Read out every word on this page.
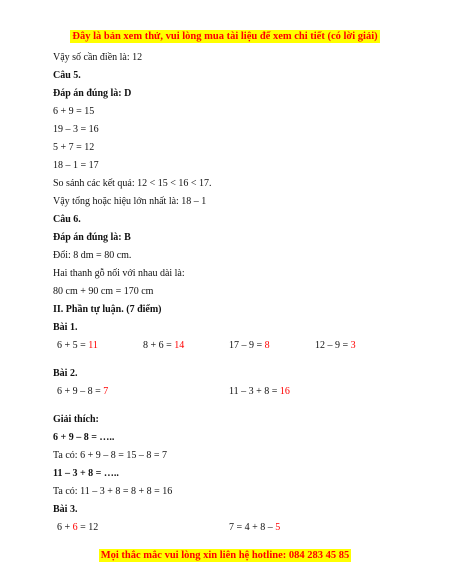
Đây là bản xem thử, vui lòng mua tài liệu để xem chi tiết (có lời giải)
Vậy số cần điền là: 12
Câu 5.
Đáp án đúng là: D
6 + 9 = 15
19 – 3 = 16
5 + 7 = 12
18 – 1 = 17
So sánh các kết quả: 12 < 15 < 16 < 17.
Vậy tổng hoặc hiệu lớn nhất là: 18 – 1
Câu 6.
Đáp án đúng là: B
Đổi: 8 dm = 80 cm.
Hai thanh gỗ nối với nhau dài là:
80 cm + 90 cm = 170 cm
II. Phần tự luận. (7 điểm)
Bài 1.
6 + 5 = 11	8 + 6 = 14	17 – 9 = 8	12 – 9 = 3
Bài 2.
6 + 9 – 8 = 7	11 – 3 + 8 = 16
Giải thích:
6 + 9 – 8 = …..
Ta có: 6 + 9 – 8 = 15 – 8 = 7
11 – 3 + 8 = …..
Ta có: 11 – 3 + 8 = 8 + 8 = 16
Bài 3.
6 + 6 = 12	7 = 4 + 8 – 5
Mọi thắc mắc vui lòng xin liên hệ hotline: 084 283 45 85
